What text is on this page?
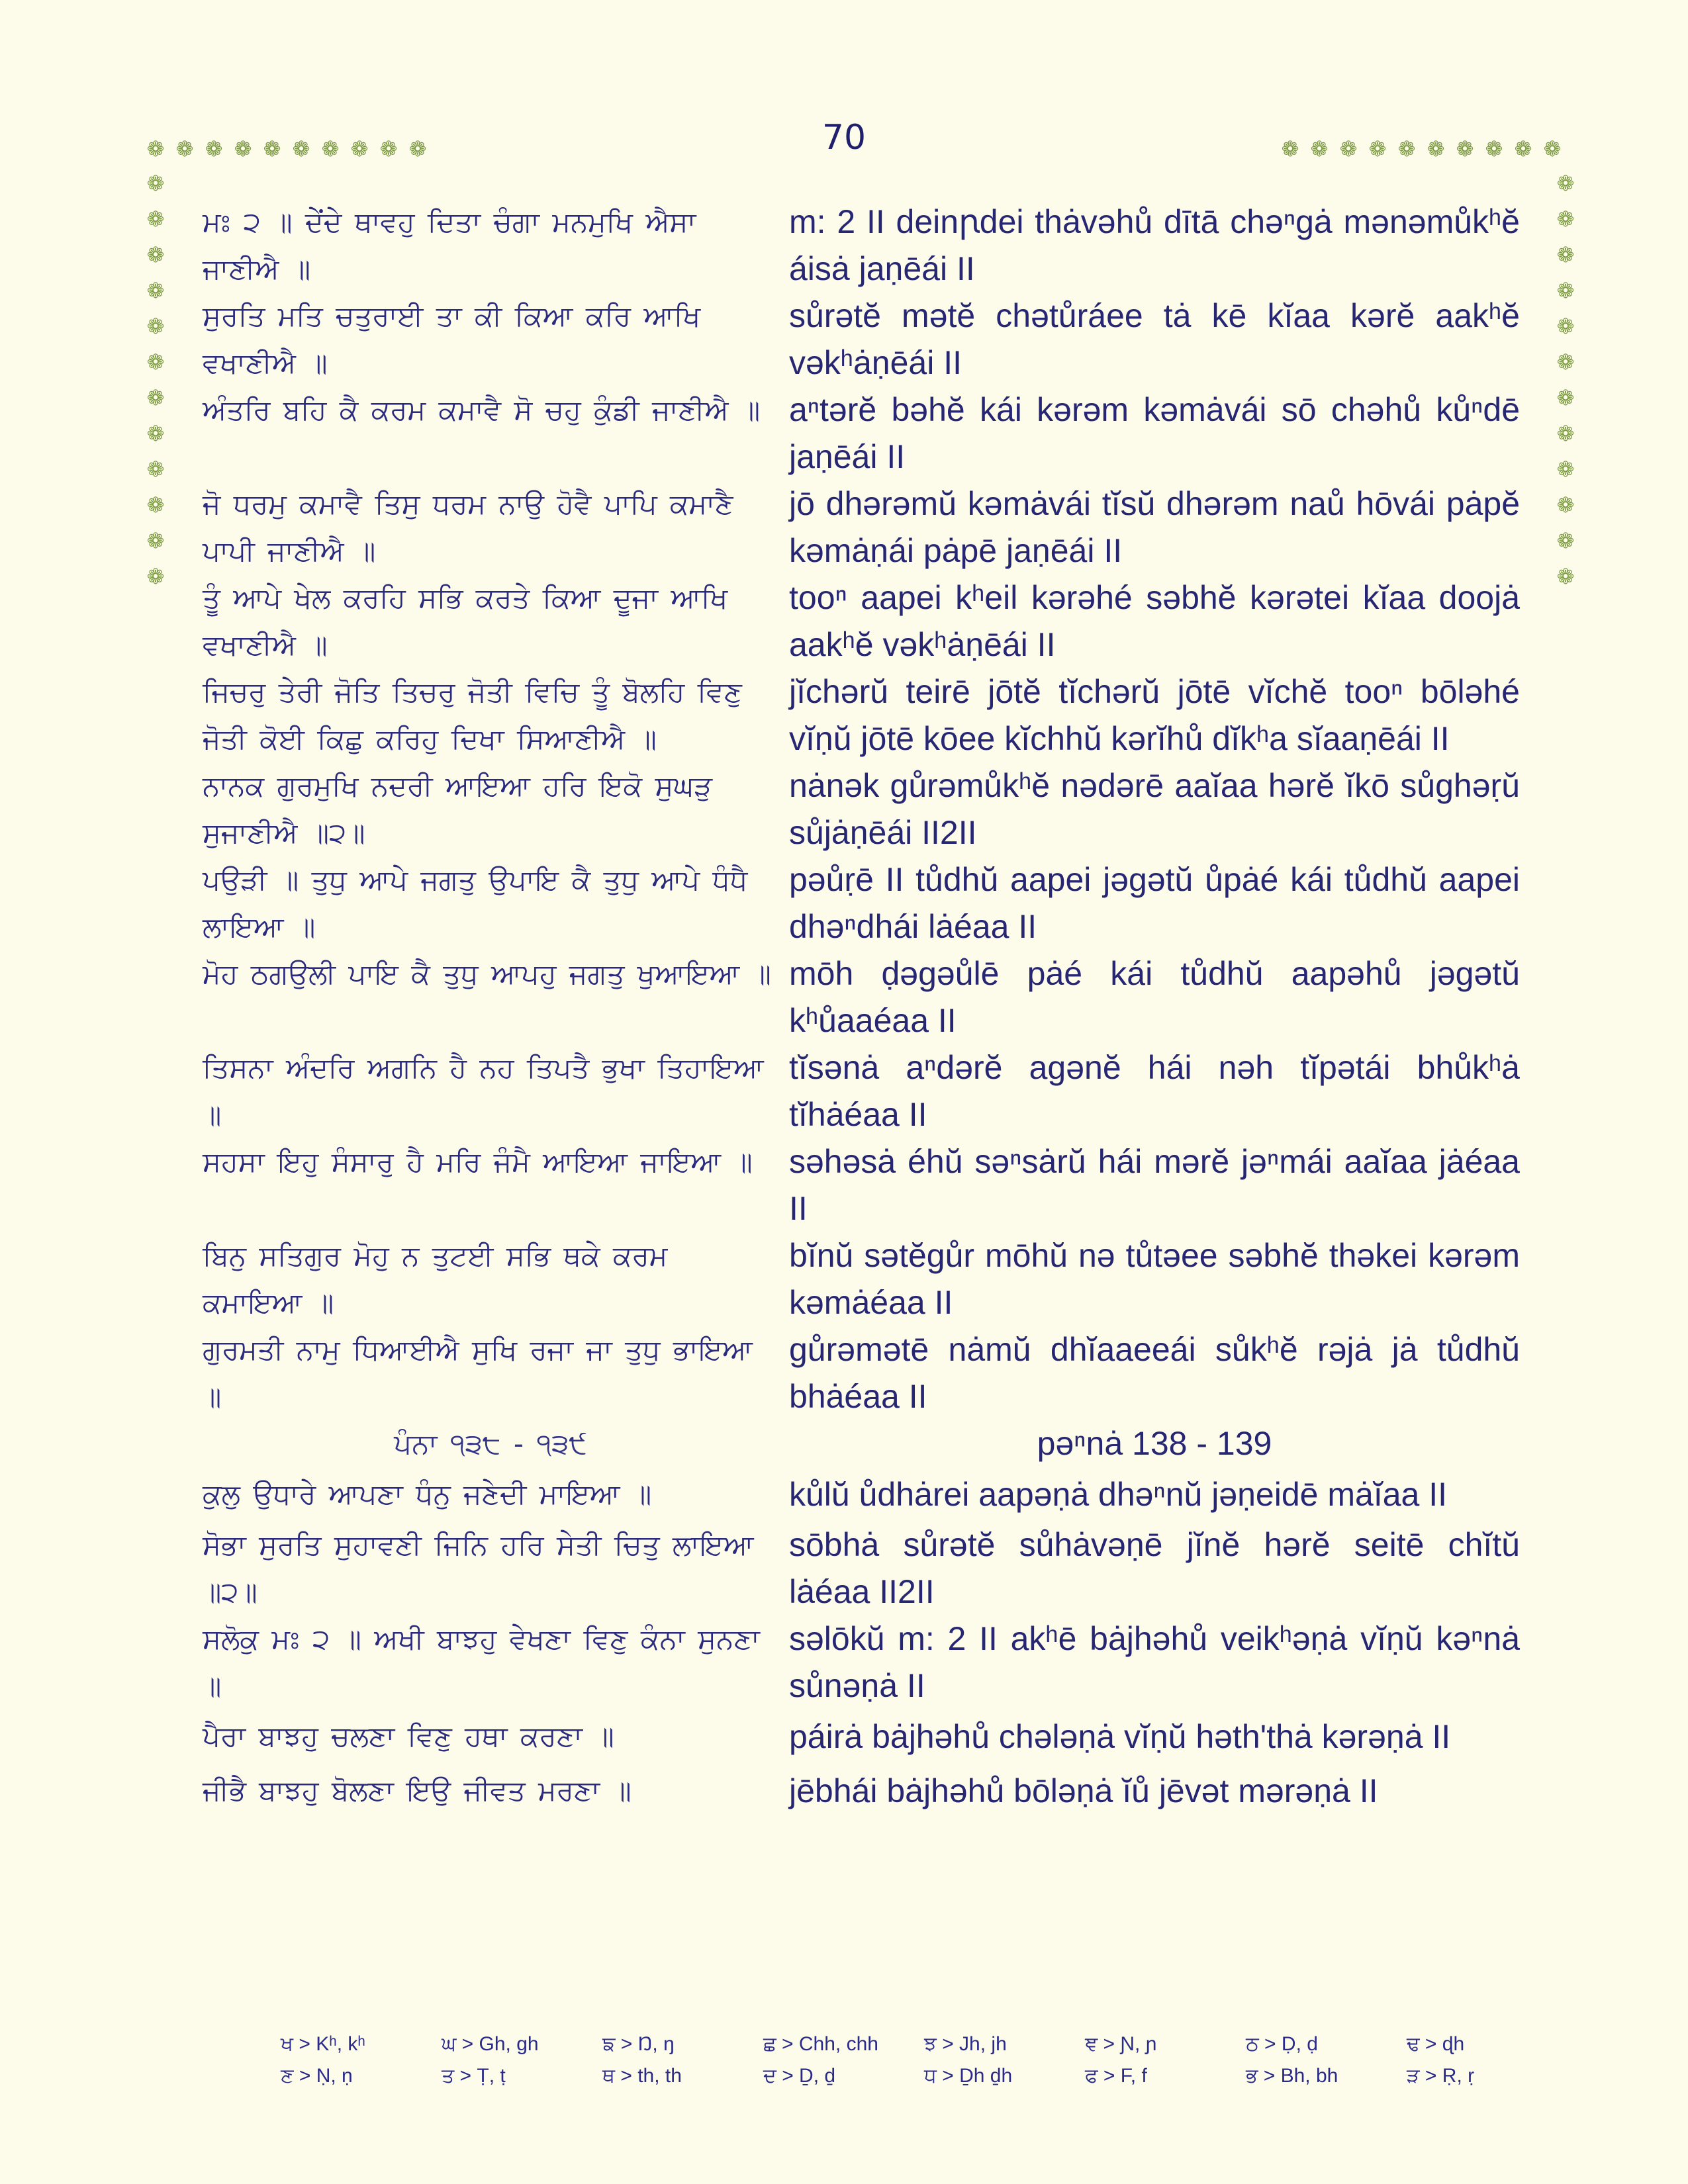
70
❁ ❁ ❁ ❁ ❁ ❁ ❁ ❁ ❁ ❁	❁ ❁ ❁ ❁ ❁ ❁ ❁ ❁ ❁ ❁
❁
❁
❁
❁
❁
❁
❁
❁
❁
❁
❁
❁
❁
❁
❁
❁
❁
❁
❁
❁
❁
❁
❁
❁
ਮਃ ੨ ॥ ਦੇਂਦੇ ਥਾਵਹੁ ਦਿਤਾ ਚੰਗਾ ਮਨਮੁਖਿ ਐਸਾ ਜਾਣੀਐ ॥
m: 2 II deinꞃdei thȧvəhů dītā chəⁿgȧ mənəmůkʰĕ áisȧ jaṇēái II
ਸੁਰਤਿ ਮਤਿ ਚਤੁਰਾਈ ਤਾ ਕੀ ਕਿਆ ਕਰਿ ਆਖਿ ਵਖਾਣੀਐ ॥
sůrətĕ mətĕ chətůráee tȧ kē kĭaa kərĕ aakʰĕ vəkʰȧṇēái II
ਅੰਤਰਿ ਬਹਿ ਕੈ ਕਰਮ ਕਮਾਵੈ ਸੋ ਚਹੁ ਕੁੰਡੀ ਜਾਣੀਐ ॥ aⁿtərĕ bəhĕ kái kərəm kəmȧvái sō chəhů kůⁿdē jaṇēái II
ਜੋ ਧਰਮੁ ਕਮਾਵੈ ਤਿਸੁ ਧਰਮ ਨਾਉ ਹੋਵੈ ਪਾਪਿ ਕਮਾਣੈ ਪਾਪੀ ਜਾਣੀਐ ॥
jō dhərəmŭ kəmȧvái tĭsŭ dhərəm naů hōvái pȧpĕ kəmȧṇái pȧpē jaṇēái II
ਤੂੰ ਆਪੇ ਖੇਲ ਕਰਹਿ ਸਭਿ ਕਰਤੇ ਕਿਆ ਦੂਜਾ ਆਖਿ ਵਖਾਣੀਐ ॥
tooⁿ aapei kʰeil kərəhé səbhĕ kərətei kĭaa doojȧ aakʰĕ vəkʰȧṇēái II
ਜਿਚਰੁ ਤੇਰੀ ਜੋਤਿ ਤਿਚਰੁ ਜੋਤੀ ਵਿਚਿ ਤੂੰ ਬੋਲਹਿ ਵਿਣੁ ਜੋਤੀ ਕੋਈ ਕਿਛੁ ਕਰਿਹੁ ਦਿਖਾ ਸਿਆਣੀਐ ॥
jĭchərŭ teirē jōtĕ tĭchərŭ jōtē vĭchĕ tooⁿ bōləhé vĭṇŭ jōtē kōee kĭchhŭ kərĭhů dĭkʰa sĭaaṇēái II
ਨਾਨਕ ਗੁਰਮੁਖਿ ਨਦਰੀ ਆਇਆ ਹਰਿ ਇਕੋ ਸੁਘੜੁ ਸੁਜਾਣੀਐ ॥੨॥
nȧnək gůrəmůkʰĕ nədərē aaĭaa hərĕ ĭkō sůghəṛŭ sůjȧṇēái II2II
ਪਉੜੀ ॥ ਤੁਧੁ ਆਪੇ ਜਗਤੁ ਉਪਾਇ ਕੈ ਤੁਧੁ ਆਪੇ ਧੰਧੈ ਲਾਇਆ ॥
pəůṛē II tůdhŭ aapei jəgətŭ ůpȧé kái tůdhŭ aapei dhəⁿdhái lȧéaa II
ਮੋਹ ਠਗਉਲੀ ਪਾਇ ਕੈ ਤੁਧੁ ਆਪਹੁ ਜਗਤੁ ਖੁਆਇਆ ॥ mōh ḍəgəůlē pȧé kái tůdhŭ aapəhů jəgətŭ kʰůaaéaa II
ਤਿਸਨਾ ਅੰਦਰਿ ਅਗਨਿ ਹੈ ਨਹ ਤਿਪਤੈ ਭੁਖਾ ਤਿਹਾਇਆ ॥
tĭsənȧ aⁿdərĕ agənĕ hái nəh tĭpətái bhůkʰȧ tĭhȧéaa II
ਸਹਸਾ ਇਹੁ ਸੰਸਾਰੁ ਹੈ ਮਰਿ ਜੰਮੈ ਆਇਆ ਜਾਇਆ ॥	səhəsȧ éhŭ səⁿsȧrŭ hái mərĕ jəⁿmái aaĭaa jȧéaa II
ਬਿਨੁ ਸਤਿਗੁਰ ਮੋਹੁ ਨ ਤੁਟਈ ਸਭਿ ਥਕੇ ਕਰਮ ਕਮਾਇਆ ॥
bĭnŭ sətĕgůr mōhŭ nə tůtəee səbhĕ thəkei kərəm kəmȧéaa II
ਗੁਰਮਤੀ ਨਾਮੁ ਧਿਆਈਐ ਸੁਖਿ ਰਜਾ ਜਾ ਤੁਧੁ ਭਾਇਆ ॥
gůrəmətē nȧmŭ dhĭaaeeái sůkʰĕ rəjȧ jȧ tůdhŭ bhȧéaa II
ਪੰਨਾ ੧੩੮ - ੧੩੯	pəⁿnȧ 138 - 139
ਕੁਲੁ ਉਧਾਰੇ ਆਪਣਾ ਧੰਨੁ ਜਣੇਦੀ ਮਾਇਆ ॥	kůlŭ ůdhȧrei aapəṇȧ dhəⁿnŭ jəṇeidē mȧĭaa II
ਸੋਭਾ ਸੁਰਤਿ ਸੁਹਾਵਣੀ ਜਿਨਿ ਹਰਿ ਸੇਤੀ ਚਿਤੁ ਲਾਇਆ ॥੨॥
sōbhȧ sůrətĕ sůhȧvəṇē jĭnĕ hərĕ seitē chĭtŭ lȧéaa II2II
ਸਲੋਕੁ ਮਃ ੨ ॥ ਅਖੀ ਬਾਝਹੁ ਵੇਖਣਾ ਵਿਣੁ ਕੰਨਾ ਸੁਨਣਾ ॥
səlōkŭ m: 2 II akʰē bȧjhəhů veikʰəṇȧ vĭṇŭ kəⁿnȧ sůnəṇȧ II
ਪੈਰਾ ਬਾਝਹੁ ਚਲਣਾ ਵਿਣੁ ਹਥਾ ਕਰਣਾ ॥	páirȧ bȧjhəhů chələṇȧ vĭṇŭ həth'thȧ kərəṇȧ II
ਜੀਭੈ ਬਾਝਹੁ ਬੋਲਣਾ ਇਉ ਜੀਵਤ ਮਰਣਾ ॥	jēbhái bȧjhəhů bōləṇȧ ĭů jēvət mərəṇȧ II
ਖ > Kʰ, kʰ	ਘ > Gh, gh	ਙ > Ŋ, ŋ	ਛ > Chh, chh	ਝ > Jh, jh	ਞ > Ɲ, ɲ	ਠ > Ḍ, ḍ	ਢ > ɖh
ਣ > Ṇ, ṇ	ਤ > Ṭ, ṭ	ਥ > th, th	ਦ > Ḏ, ḏ	ਧ > Ḏh ḏh	ਫ > F, f	ਭ > Bh, bh	ੜ > Ṛ, ṛ
